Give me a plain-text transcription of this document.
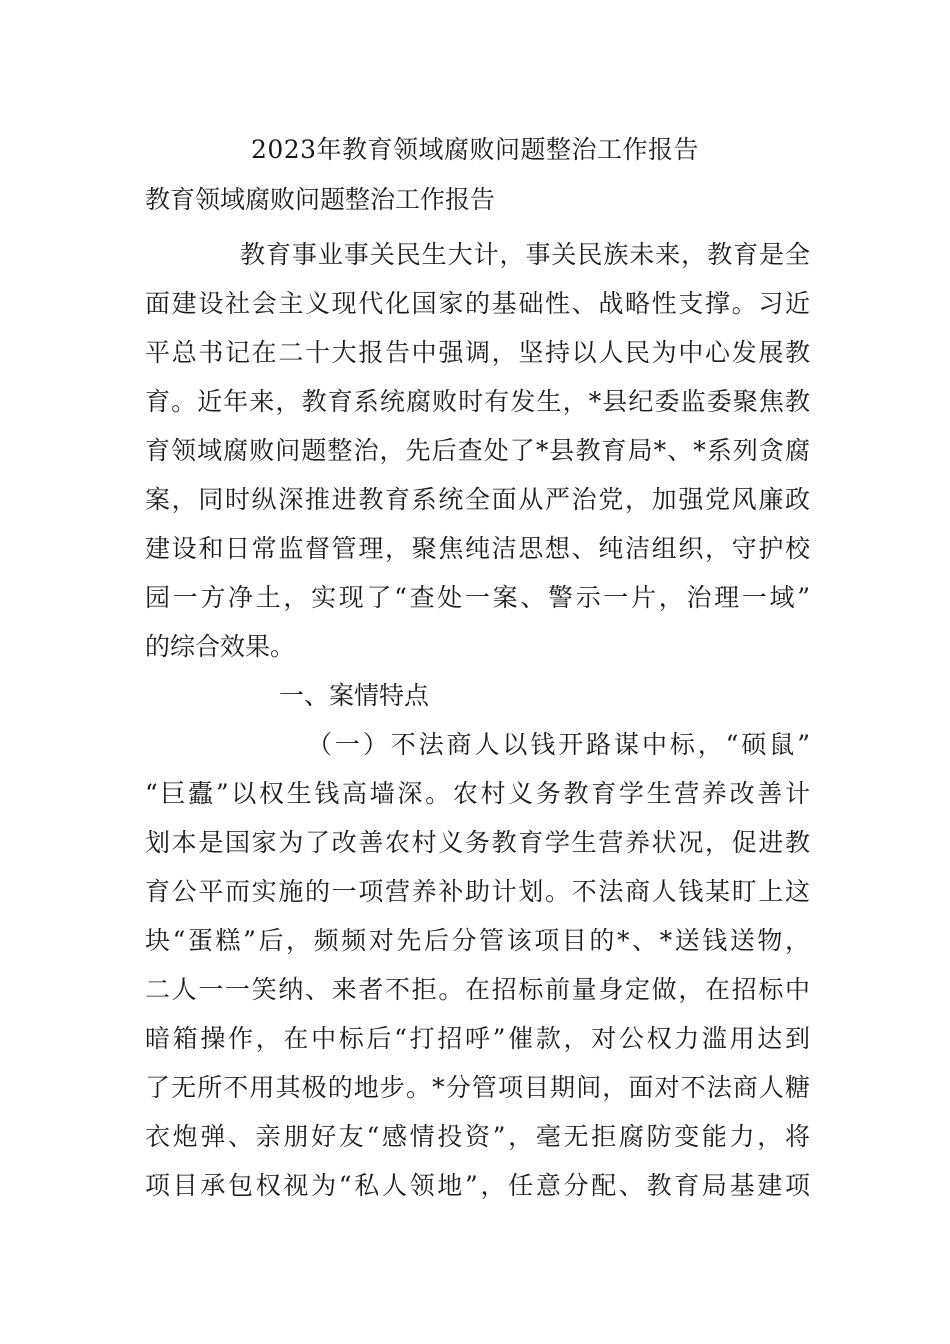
2023年教育领域腐败问题整治工作报告
教育领域腐败问题整治工作报告
教育事业事关民生大计，事关民族未来，教育是全
面建设社会主义现代化国家的基础性、战略性支撑。习近
平总书记在二十大报告中强调，坚持以人民为中心发展教
育。近年来，教育系统腐败时有发生，*县纪委监委聚焦教
育领域腐败问题整治，先后查处了*县教育局*、*系列贪腐
案，同时纵深推进教育系统全面从严治党，加强党风廉政
建设和日常监督管理，聚焦纯洁思想、纯洁组织，守护校
园一方净土，实现了“查处一案、警示一片，治理一域”
的综合效果。
一、案情特点
（一）不法商人以钱开路谋中标，“硕鼠”
“巨蠹”以权生钱高墙深。农村义务教育学生营养改善计
划本是国家为了改善农村义务教育学生营养状况，促进教
育公平而实施的一项营养补助计划。不法商人钱某盯上这
块“蛋糕”后，频频对先后分管该项目的*、*送钱送物，
二人一一笑纳、来者不拒。在招标前量身定做，在招标中
暗箱操作，在中标后“打招呼”催款，对公权力滥用达到
了无所不用其极的地步。*分管项目期间，面对不法商人糖
衣炮弹、亲朋好友“感情投资”，毫无拒腐防变能力，将
项目承包权视为“私人领地”，任意分配、教育局基建项
